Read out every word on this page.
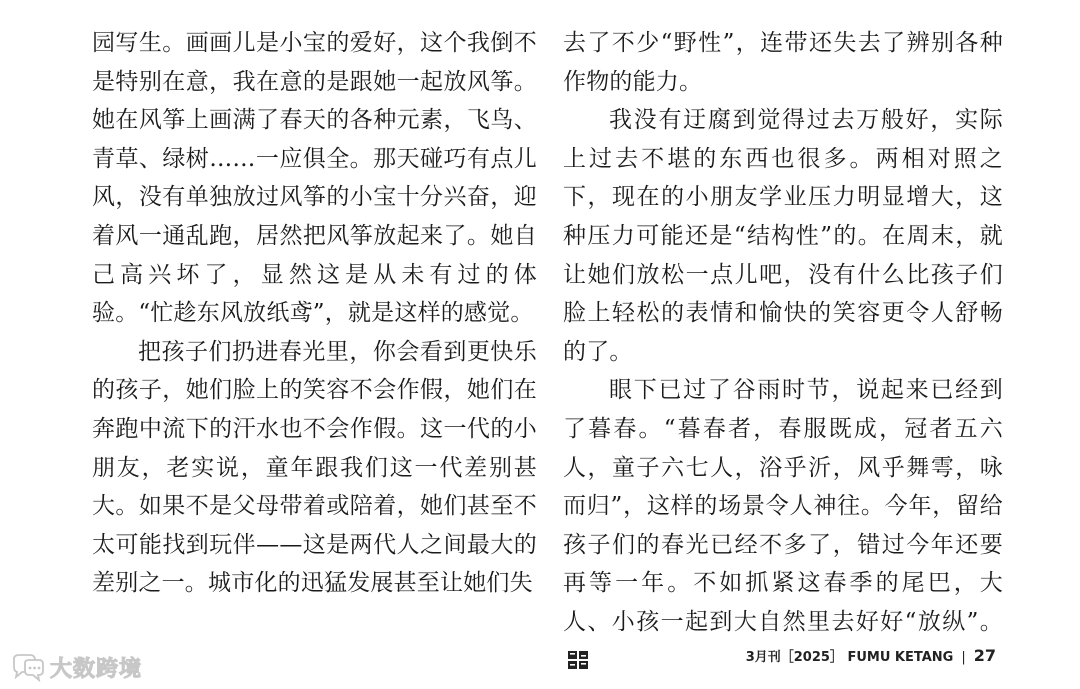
园写生。画画儿是小宝的爱好，这个我倒不是特别在意，我在意的是跟她一起放风筝。她在风筝上画满了春天的各种元素，飞鸟、青草、绿树……一应俱全。那天碰巧有点儿风，没有单独放过风筝的小宝十分兴奋，迎着风一通乱跑，居然把风筝放起来了。她自己高兴坏了，显然这是从未有过的体验。“忙趁东风放纸鸢”，就是这样的感觉。

把孩子们扔进春光里，你会看到更快乐的孩子，她们脸上的笑容不会作假，她们在奔跑中流下的汗水也不会作假。这一代的小朋友，老实说，童年跟我们这一代差别甚大。如果不是父母带着或陪着，她们甚至不太可能找到玩伴——这是两代人之间最大的差别之一。城市化的迅猛发展甚至让她们失

去了不少“野性”，连带还失去了辨别各种作物的能力。

我没有迂腐到觉得过去万般好，实际上过去不堪的东西也很多。两相对照之下，现在的小朋友学业压力明显增大，这种压力可能还是“结构性”的。在周末，就让她们放松一点儿吧，没有什么比孩子们脸上轻松的表情和愉快的笑容更令人舒畅的了。

眼下已过了谷雨时节，说起来已经到了暮春。“暮春者，春服既成，冠者五六人，童子六七人，浴乎沂，风乎舞雩，咏而归”，这样的场景令人神往。今年，留给孩子们的春光已经不多了，错过今年还要再等一年。不如抓紧这春季的尾巴，大人、小孩一起到大自然里去好好“放纵”。

3月刊［2025］ FUMU KETANG | 27
大数跨境
